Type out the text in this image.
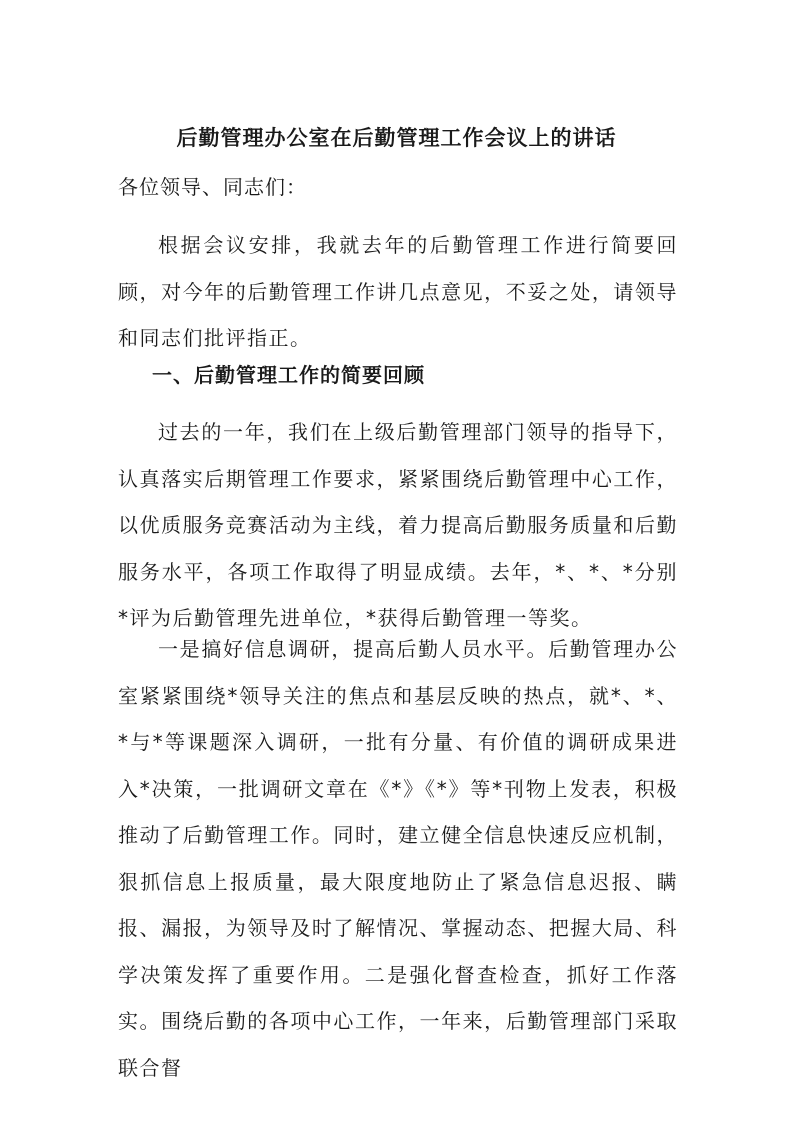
后勤管理办公室在后勤管理工作会议上的讲话
各位领导、同志们：

根据会议安排，我就去年的后勤管理工作进行简要回顾，对今年的后勤管理工作讲几点意见，不妥之处，请领导和同志们批评指正。

一、后勤管理工作的简要回顾

过去的一年，我们在上级后勤管理部门领导的指导下，认真落实后期管理工作要求，紧紧围绕后勤管理中心工作，以优质服务竞赛活动为主线，着力提高后勤服务质量和后勤服务水平，各项工作取得了明显成绩。去年，*、*、*分别*评为后勤管理先进单位，*获得后勤管理一等奖。

一是搞好信息调研，提高后勤人员水平。后勤管理办公室紧紧围绕*领导关注的焦点和基层反映的热点，就*、*、*与*等课题深入调研，一批有分量、有价值的调研成果进入*决策，一批调研文章在《*》《*》等*刊物上发表，积极推动了后勤管理工作。同时，建立健全信息快速反应机制，狠抓信息上报质量，最大限度地防止了紧急信息迟报、瞒报、漏报，为领导及时了解情况、掌握动态、把握大局、科学决策发挥了重要作用。二是强化督查检查，抓好工作落实。围绕后勤的各项中心工作，一年来，后勤管理部门采取联合督
